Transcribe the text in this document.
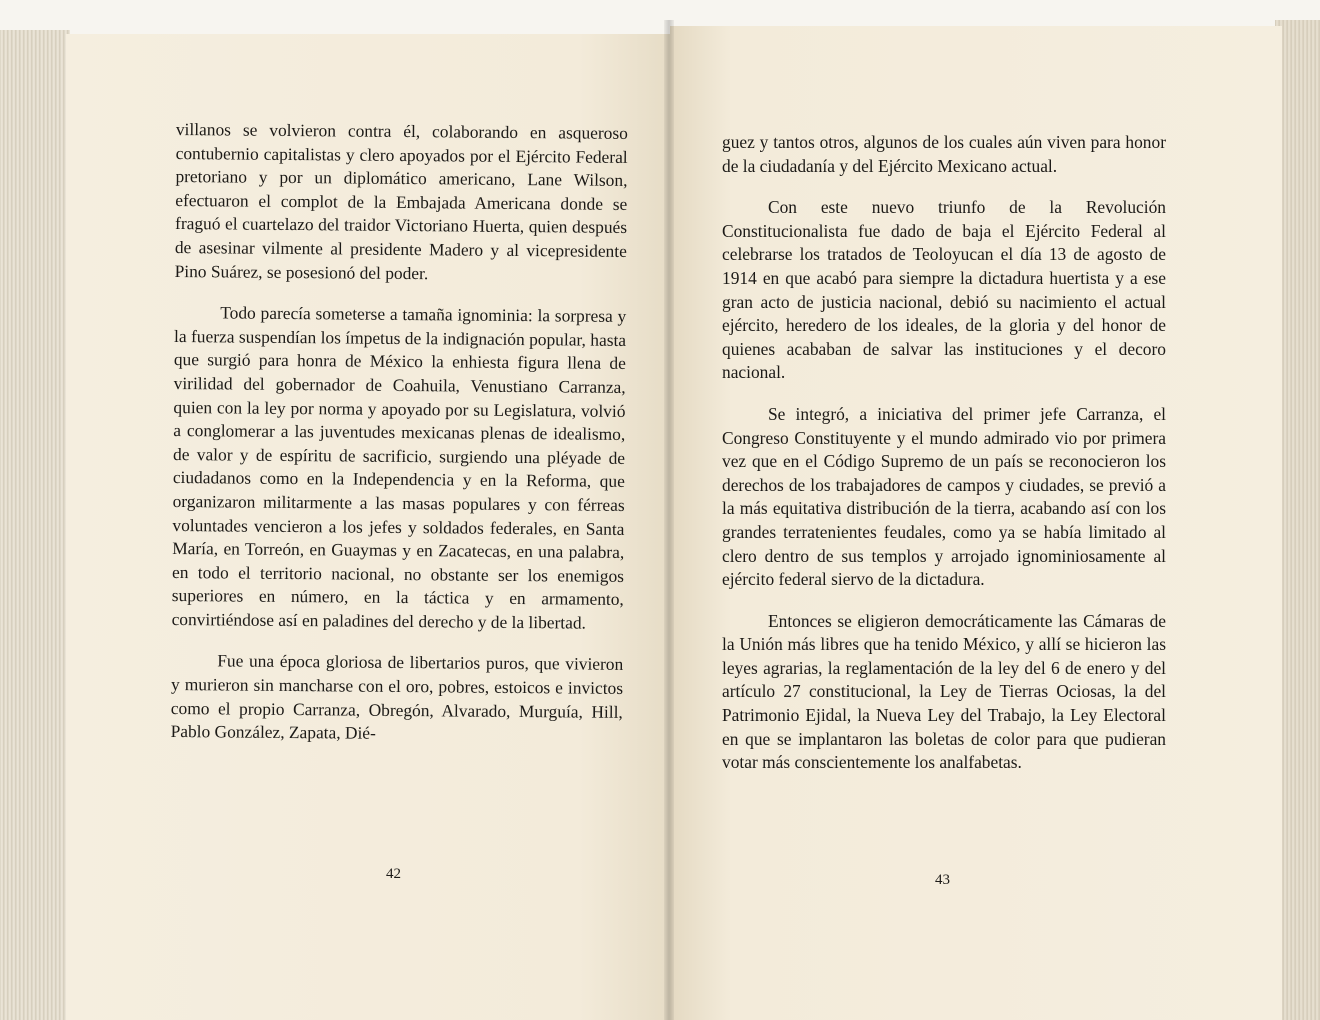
villanos se volvieron contra él, colaborando en asqueroso contubernio capitalistas y clero apoyados por el Ejército Federal pretoriano y por un diplomático americano, Lane Wilson, efectuaron el complot de la Embajada Americana donde se fraguó el cuartelazo del traidor Victoriano Huerta, quien después de asesinar vilmente al presidente Madero y al vicepresidente Pino Suárez, se posesionó del poder.

Todo parecía someterse a tamaña ignominia: la sorpresa y la fuerza suspendían los ímpetus de la indignación popular, hasta que surgió para honra de México la enhiesta figura llena de virilidad del gobernador de Coahuila, Venustiano Carranza, quien con la ley por norma y apoyado por su Legislatura, volvió a conglomerar a las juventudes mexicanas plenas de idealismo, de valor y de espíritu de sacrificio, surgiendo una pléyade de ciudadanos como en la Independencia y en la Reforma, que organizaron militarmente a las masas populares y con férreas voluntades vencieron a los jefes y soldados federales, en Santa María, en Torreón, en Guaymas y en Zacatecas, en una palabra, en todo el territorio nacional, no obstante ser los enemigos superiores en número, en la táctica y en armamento, convirtiéndose así en paladines del derecho y de la libertad.

Fue una época gloriosa de libertarios puros, que vivieron y murieron sin mancharse con el oro, pobres, estoicos e invictos como el propio Carranza, Obregón, Alvarado, Murguía, Hill, Pablo González, Zapata, Dié-

42

guez y tantos otros, algunos de los cuales aún viven para honor de la ciudadanía y del Ejército Mexicano actual.

Con este nuevo triunfo de la Revolución Constitucionalista fue dado de baja el Ejército Federal al celebrarse los tratados de Teoloyucan el día 13 de agosto de 1914 en que acabó para siempre la dictadura huertista y a ese gran acto de justicia nacional, debió su nacimiento el actual ejército, heredero de los ideales, de la gloria y del honor de quienes acababan de salvar las instituciones y el decoro nacional.

Se integró, a iniciativa del primer jefe Carranza, el Congreso Constituyente y el mundo admirado vio por primera vez que en el Código Supremo de un país se reconocieron los derechos de los trabajadores de campos y ciudades, se previó a la más equitativa distribución de la tierra, acabando así con los grandes terratenientes feudales, como ya se había limitado al clero dentro de sus templos y arrojado ignominiosamente al ejército federal siervo de la dictadura.

Entonces se eligieron democráticamente las Cámaras de la Unión más libres que ha tenido México, y allí se hicieron las leyes agrarias, la reglamentación de la ley del 6 de enero y del artículo 27 constitucional, la Ley de Tierras Ociosas, la del Patrimonio Ejidal, la Nueva Ley del Trabajo, la Ley Electoral en que se implantaron las boletas de color para que pudieran votar más conscientemente los analfabetas.

43
